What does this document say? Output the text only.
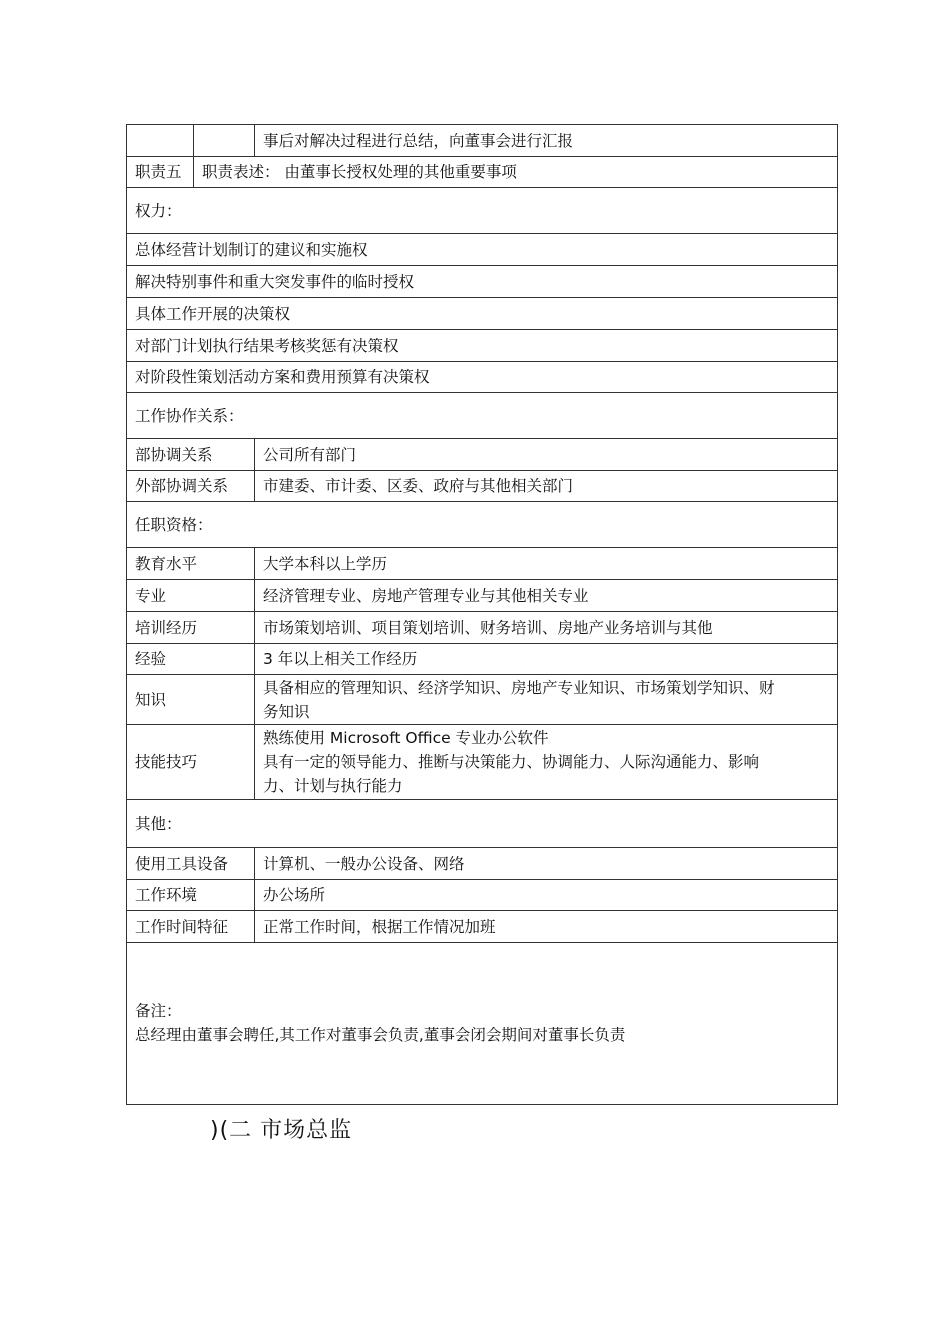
		事后对解决过程进行总结，向董事会进行汇报
职责五	职责表述： 由董事长授权处理的其他重要事项	
权力：		
总体经营计划制订的建议和实施权		
解决特别事件和重大突发事件的临时授权		
具体工作开展的决策权		
对部门计划执行结果考核奖惩有决策权		
对阶段性策划活动方案和费用预算有决策权		
工作协作关系：		
部协调关系		公司所有部门
外部协调关系		市建委、市计委、区委、政府与其他相关部门
任职资格：		
教育水平		大学本科以上学历
专业		经济管理专业、房地产管理专业与其他相关专业
培训经历		市场策划培训、项目策划培训、财务培训、房地产业务培训与其他
经验		3 年以上相关工作经历
知识		具备相应的管理知识、经济学知识、房地产专业知识、市场策划学知识、财
务知识

技能技巧		熟练使用 Microsoft Office 专业办公软件
具有一定的领导能力、推断与决策能力、协调能力、人际沟通能力、影响
力、计划与执行能力

其他：		
使用工具设备		计算机、一般办公设备、网络
工作环境		办公场所
工作时间特征		正常工作时间，根据工作情况加班

备注：
总经理由董事会聘任,其工作对董事会负责,董事会闭会期间对董事长负责		
)(二 市场总监
